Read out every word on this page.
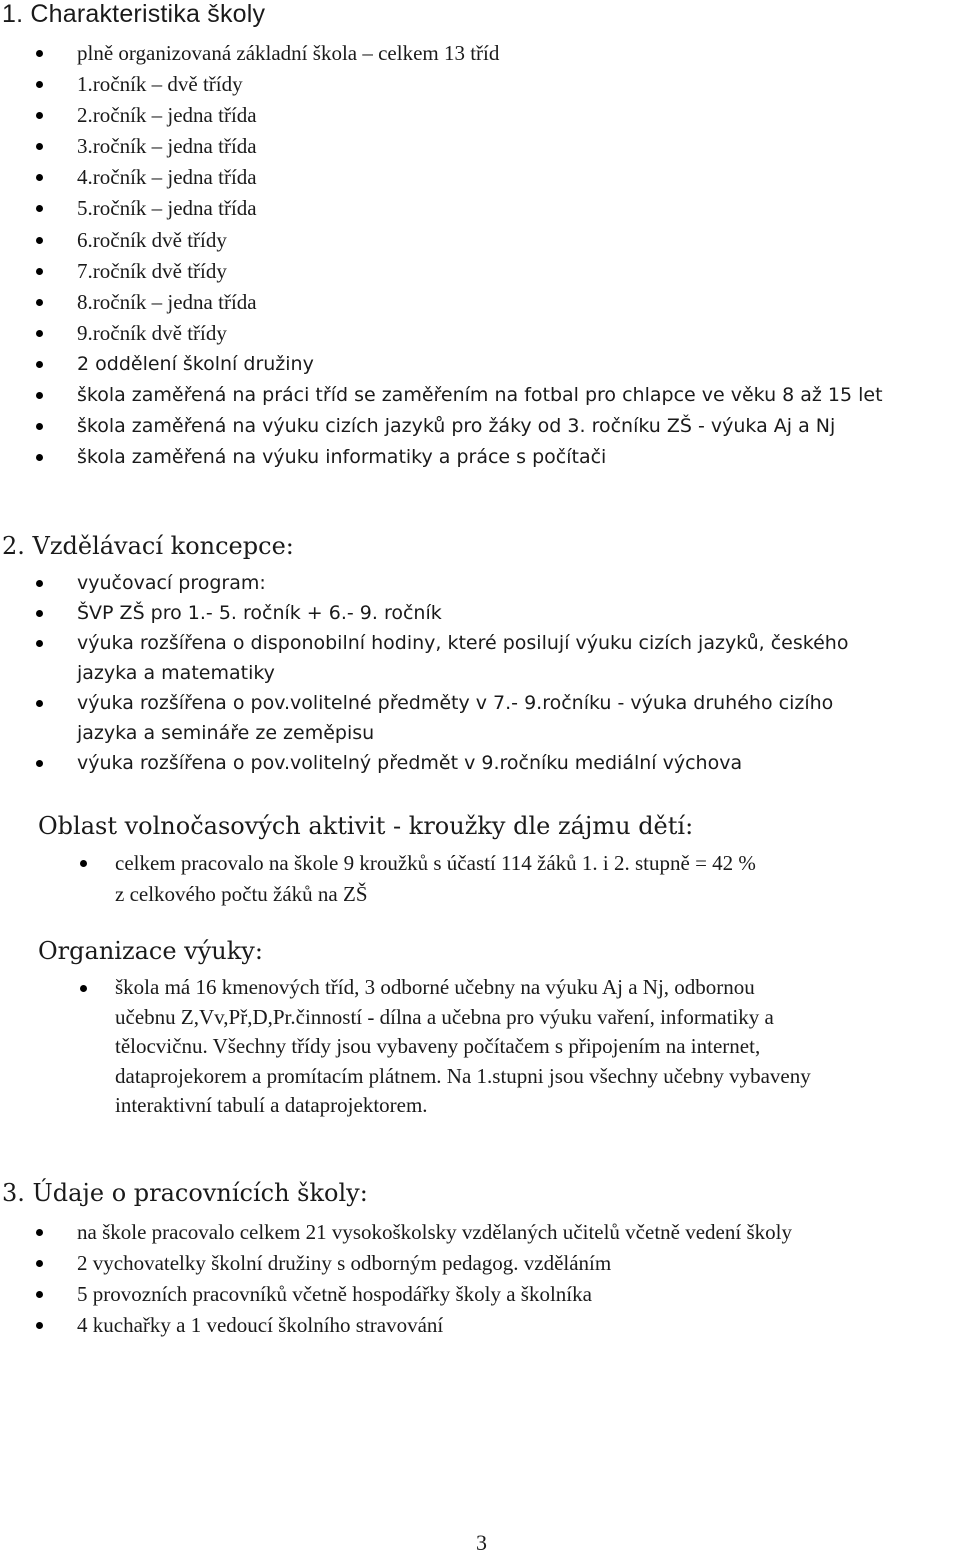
1. Charakteristika školy
plně organizovaná základní škola – celkem 13 tříd
1.ročník – dvě třídy
2.ročník – jedna třída
3.ročník – jedna třída
4.ročník – jedna třída
5.ročník – jedna třída
6.ročník dvě třídy
7.ročník dvě třídy
8.ročník – jedna třída
9.ročník dvě třídy
2 oddělení školní družiny
škola zaměřená na práci tříd se zaměřením na fotbal pro chlapce ve věku 8 až 15 let
škola zaměřená na výuku cizích jazyků pro žáky od 3. ročníku ZŠ - výuka Aj a Nj
škola zaměřená na výuku informatiky a práce s počítači
2. Vzdělávací koncepce:
vyučovací program:
ŠVP ZŠ pro 1.- 5. ročník + 6.- 9. ročník
výuka rozšířena o disponobilní hodiny, které posilují výuku cizích jazyků, českého
jazyka a matematiky
výuka rozšířena o pov.volitelné předměty v 7.- 9.ročníku - výuka druhého cizího
jazyka a semináře ze zeměpisu
výuka rozšířena o pov.volitelný předmět v 9.ročníku mediální výchova
Oblast volnočasových aktivit - kroužky dle zájmu dětí:
celkem pracovalo na škole 9 kroužků s účastí 114 žáků 1. i 2. stupně = 42 %
z celkového počtu žáků na ZŠ
Organizace výuky:
škola má 16 kmenových tříd, 3 odborné učebny na výuku Aj a Nj, odbornou
učebnu Z,Vv,Př,D,Pr.činností - dílna a učebna pro výuku vaření, informatiky a
tělocvičnu. Všechny třídy jsou vybaveny počítačem s připojením na internet,
dataprojekorem a promítacím plátnem. Na 1.stupni jsou všechny učebny vybaveny
interaktivní tabulí a dataprojektorem.
3. Údaje o pracovnících školy:
na škole pracovalo celkem 21 vysokoškolsky vzdělaných učitelů včetně vedení školy
2 vychovatelky školní družiny s odborným pedagog. vzděláním
5 provozních pracovníků včetně hospodářky školy a školníka
4 kuchařky a 1 vedoucí školního stravování
3
